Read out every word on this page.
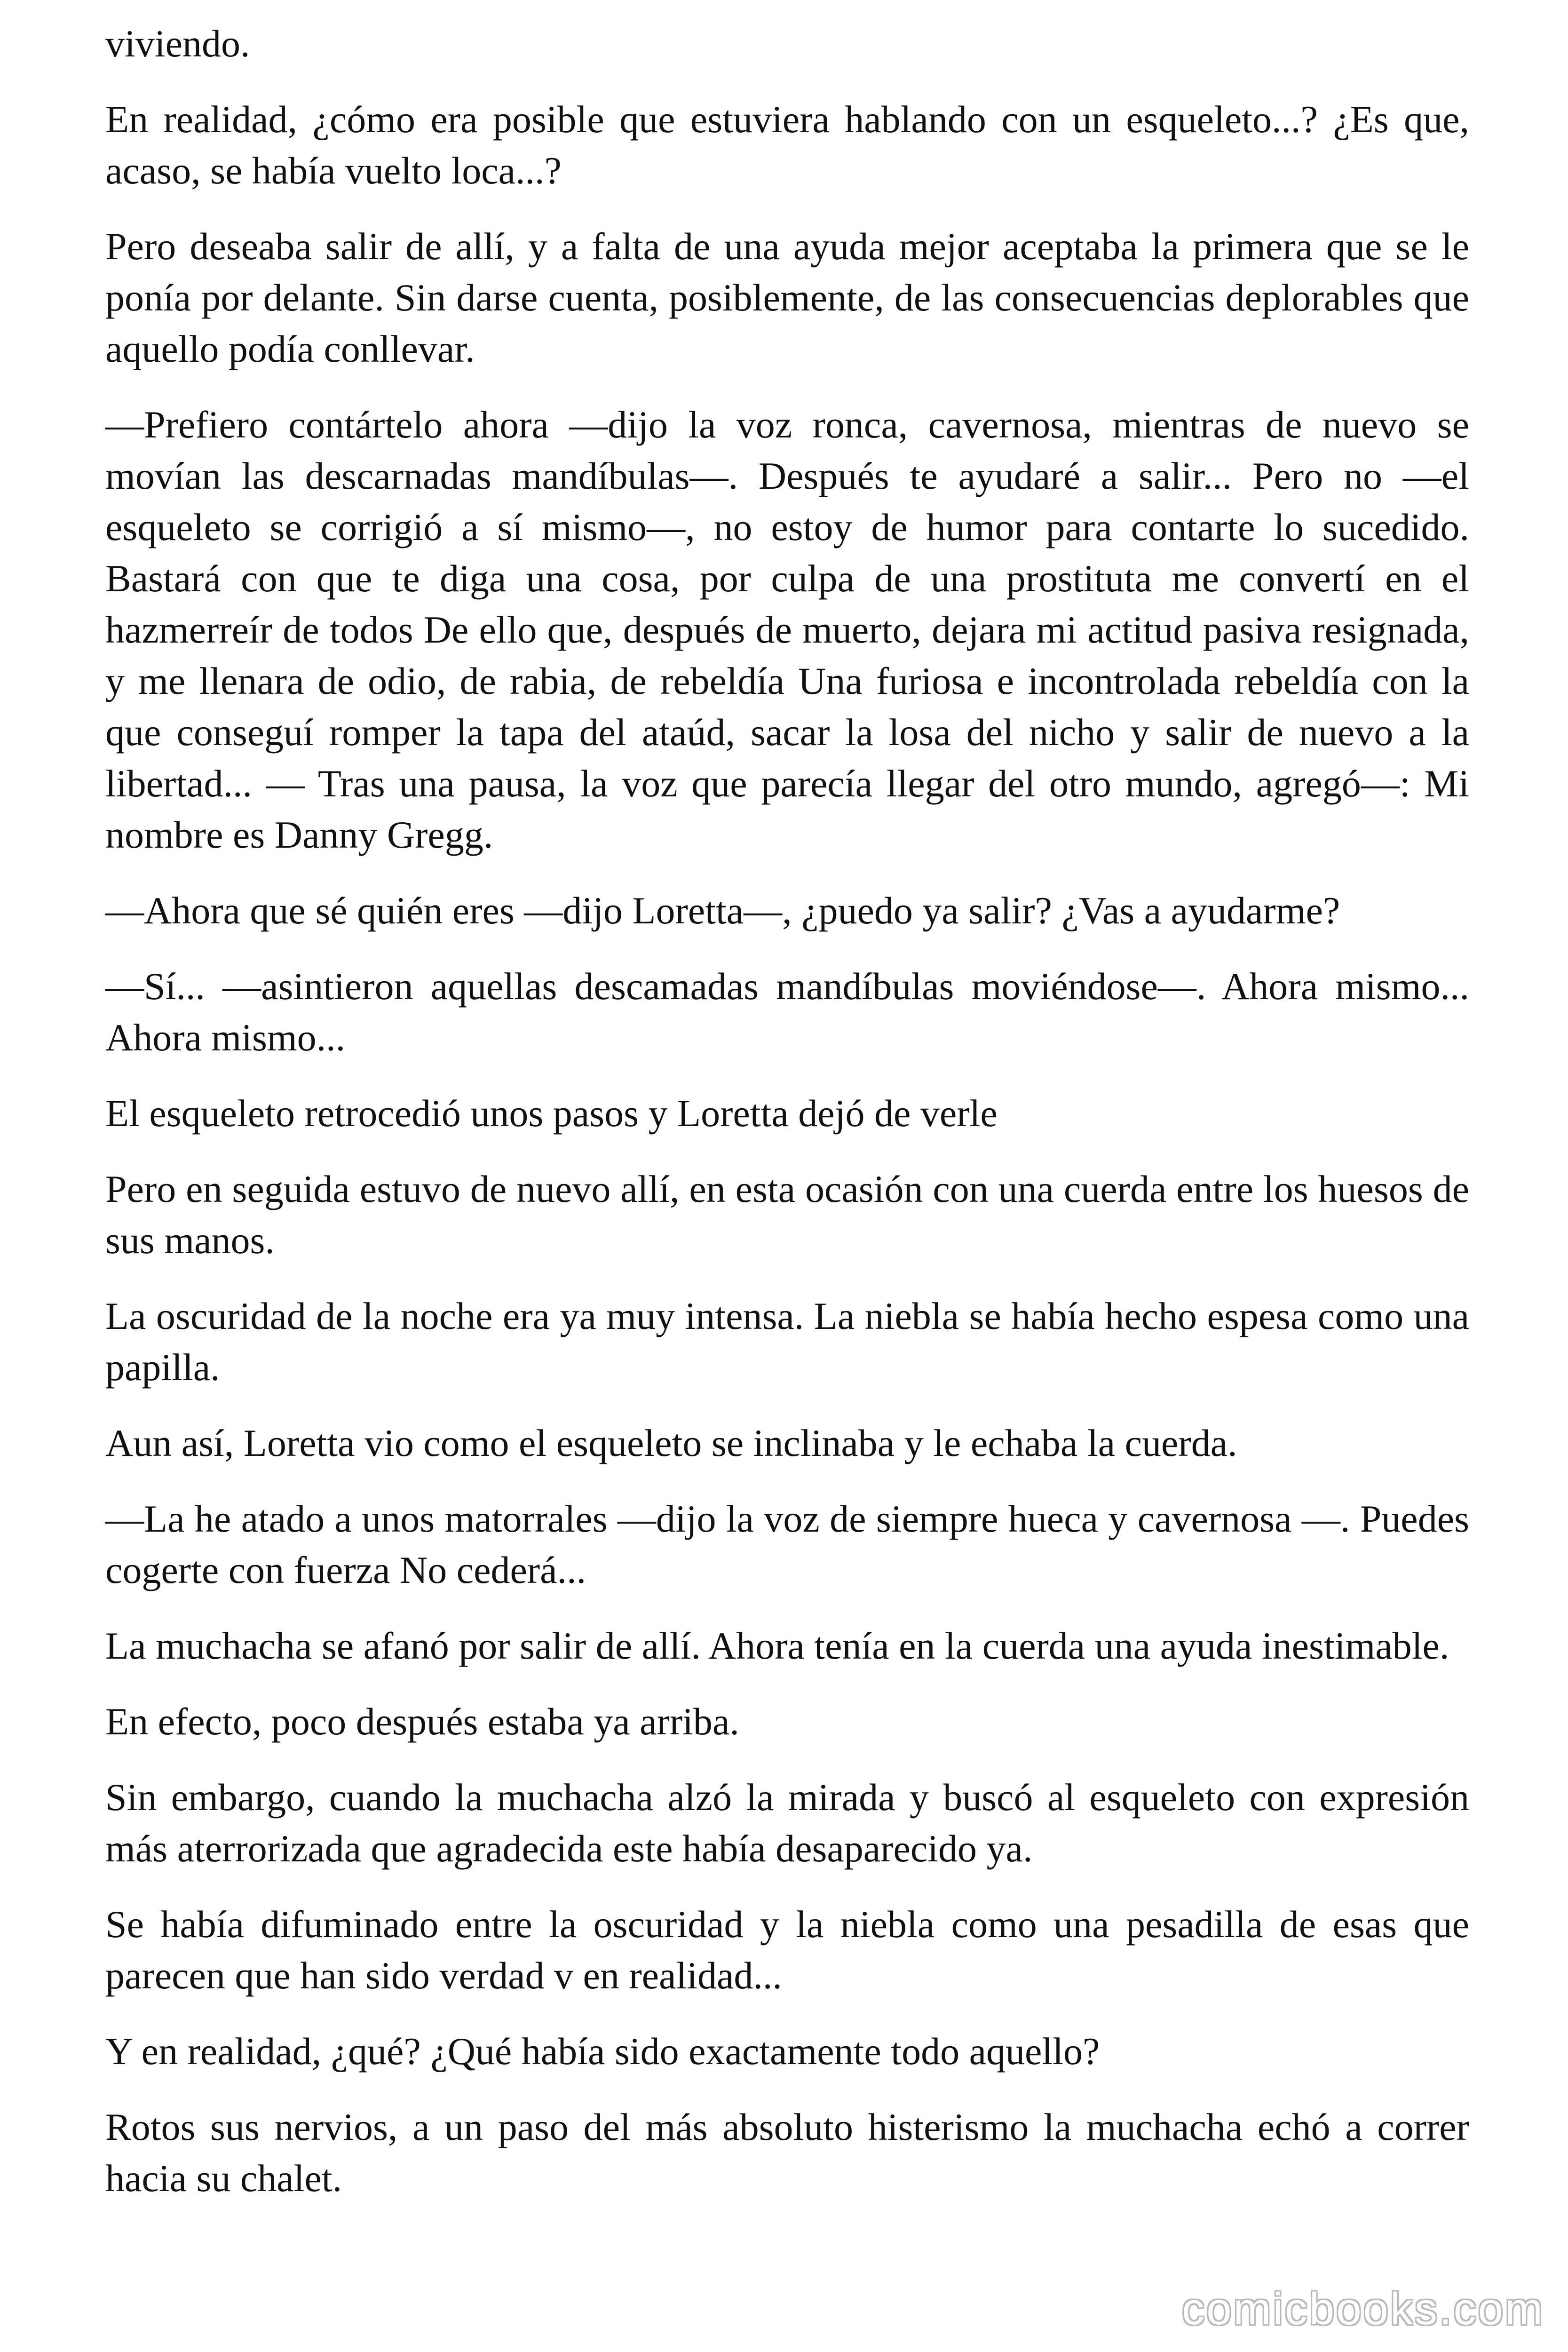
viviendo.

En realidad, ¿cómo era posible que estuviera hablando con un esqueleto...? ¿Es que, acaso, se había vuelto loca...?

Pero deseaba salir de allí, y a falta de una ayuda mejor aceptaba la primera que se le ponía por delante. Sin darse cuenta, posiblemente, de las consecuencias deplorables que aquello podía conllevar.

—Prefiero contártelo ahora —dijo la voz ronca, cavernosa, mientras de nuevo se movían las descarnadas mandíbulas—. Después te ayudaré a salir... Pero no —el esqueleto se corrigió a sí mismo—, no estoy de humor para contarte lo sucedido. Bastará con que te diga una cosa, por culpa de una prostituta me convertí en el hazmerreír de todos De ello que, después de muerto, dejara mi actitud pasiva resignada, y me llenara de odio, de rabia, de rebeldía Una furiosa e incontrolada rebeldía con la que conseguí romper la tapa del ataúd, sacar la losa del nicho y salir de nuevo a la libertad... — Tras una pausa, la voz que parecía llegar del otro mundo, agregó—: Mi nombre es Danny Gregg.

—Ahora que sé quién eres —dijo Loretta—, ¿puedo ya salir? ¿Vas a ayudarme?

—Sí... —asintieron aquellas descamadas mandíbulas moviéndose—. Ahora mismo... Ahora mismo...

El esqueleto retrocedió unos pasos y Loretta dejó de verle

Pero en seguida estuvo de nuevo allí, en esta ocasión con una cuerda entre los huesos de sus manos.

La oscuridad de la noche era ya muy intensa. La niebla se había hecho espesa como una papilla.

Aun así, Loretta vio como el esqueleto se inclinaba y le echaba la cuerda.

—La he atado a unos matorrales —dijo la voz de siempre hueca y cavernosa —. Puedes cogerte con fuerza No cederá...

La muchacha se afanó por salir de allí. Ahora tenía en la cuerda una ayuda inestimable.

En efecto, poco después estaba ya arriba.

Sin embargo, cuando la muchacha alzó la mirada y buscó al esqueleto con expresión más aterrorizada que agradecida este había desaparecido ya.

Se había difuminado entre la oscuridad y la niebla como una pesadilla de esas que parecen que han sido verdad v en realidad...

Y en realidad, ¿qué? ¿Qué había sido exactamente todo aquello?

Rotos sus nervios, a un paso del más absoluto histerismo la muchacha echó a correr hacia su chalet.

comicbooks.com
